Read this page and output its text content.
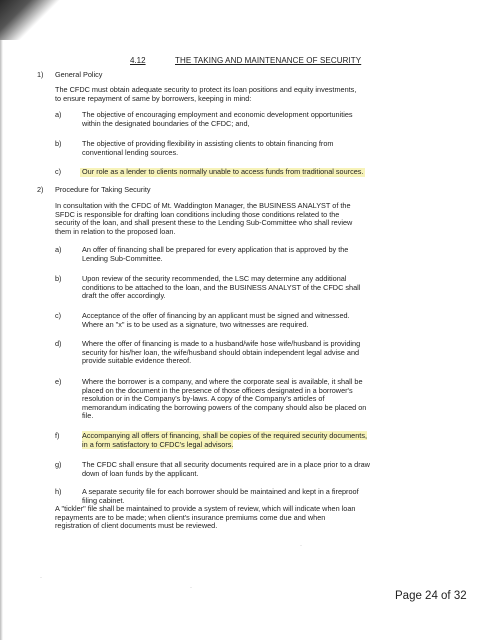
4.12	THE TAKING AND MAINTENANCE OF SECURITY
1) General Policy

The CFDC must obtain adequate security to protect its loan positions and equity investments,

to ensure repayment of same by borrowers, keeping in mind:

a)	The objective of encouraging employment and economic development opportunities

within the designated boundaries of the CFDC; and,

b)	The objective of providing flexibility in assisting clients to obtain financing from

conventional lending sources.

c)	Our role as a lender to clients normally unable to access funds from traditional sources.
2) Procedure for Taking Security

In consultation with the CFDC of Mt. Waddington Manager, the BUSINESS ANALYST of the

SFDC is responsible for drafting loan conditions including those conditions related to the

security of the loan, and shall present these to the Lending Sub-Committee who shall review

them in relation to the proposed loan.

a)	An offer of financing shall be prepared for every application that is approved by the

Lending Sub-Committee.

b)	Upon review of the security recommended, the LSC may determine any additional

conditions to be attached to the loan, and the BUSINESS ANALYST of the CFDC shall

draft the offer accordingly.

c)	Acceptance of the offer of financing by an applicant must be signed and witnessed.

Where an "x" is to be used as a signature, two witnesses are required.

d)	Where the offer of financing is made to a husband/wife hose wife/husband is providing

security for his/her loan, the wife/husband should obtain independent legal advise and

provide suitable evidence thereof.

e)	Where the borrower is a company, and where the corporate seal is available, it shall be

placed on the document in the presence of those officers designated in a borrower's

resolution or in the Company's by-laws. A copy of the Company's articles of

memorandum indicating the borrowing powers of the company should also be placed on

file.

f)	Accompanying all offers of financing, shall be copies of the required security documents,

in a form satisfactory to CFDC's legal advisors.

g)	The CFDC shall ensure that all security documents required are in a place prior to a draw

down of loan funds by the applicant.

h)	A separate security file for each borrower should be maintained and kept in a fireproof

filing cabinet.

A "tickler" file shall be maintained to provide a system of review, which will indicate when loan

repayments are to be made; when client's insurance premiums come due and when

registration of client documents must be reviewed.

·
·
·
Page 24 of 32
